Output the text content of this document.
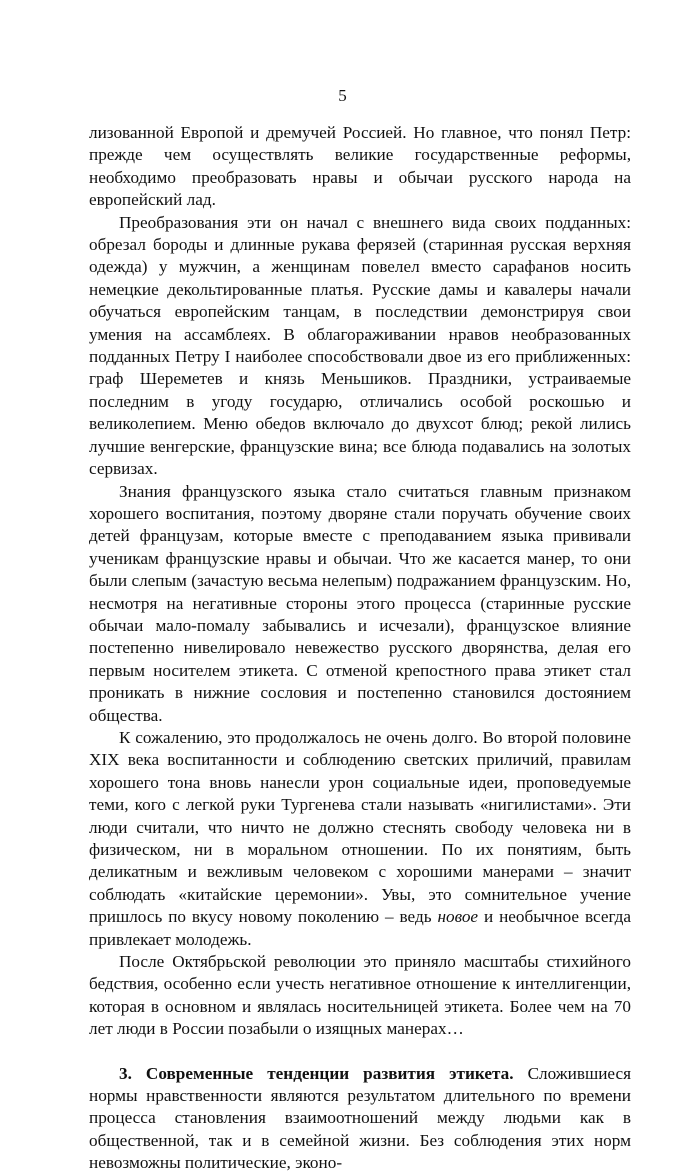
5

лизованной Европой и дремучей Россией. Но главное, что понял Петр: прежде чем осуществлять великие государственные реформы, необходимо преобразовать нравы и обычаи русского народа на европейский лад.

Преобразования эти он начал с внешнего вида своих подданных: обрезал бороды и длинные рукава ферязей (старинная русская верхняя одежда) у мужчин, а женщинам повелел вместо сарафанов носить немецкие декольтированные платья. Русские дамы и кавалеры начали обучаться европейским танцам, в последствии демонстрируя свои умения на ассамблеях. В облагораживании нравов необразованных подданных Петру I наиболее способствовали двое из его приближенных: граф Шереметев и князь Меньшиков. Праздники, устраиваемые последним в угоду государю, отличались особой роскошью и великолепием. Меню обедов включало до двухсот блюд; рекой лились лучшие венгерские, французские вина; все блюда подавались на золотых сервизах.

Знания французского языка стало считаться главным признаком хорошего воспитания, поэтому дворяне стали поручать обучение своих детей французам, которые вместе с преподаванием языка прививали ученикам французские нравы и обычаи. Что же касается манер, то они были слепым (зачастую весьма нелепым) подражанием французским. Но, несмотря на негативные стороны этого процесса (старинные русские обычаи мало-помалу забывались и исчезали), французское влияние постепенно нивелировало невежество русского дворянства, делая его первым носителем этикета. С отменой крепостного права этикет стал проникать в нижние сословия и постепенно становился достоянием общества.

К сожалению, это продолжалось не очень долго. Во второй половине XIX века воспитанности и соблюдению светских приличий, правилам хорошего тона вновь нанесли урон социальные идеи, проповедуемые теми, кого с легкой руки Тургенева стали называть «нигилистами». Эти люди считали, что ничто не должно стеснять свободу человека ни в физическом, ни в моральном отношении. По их понятиям, быть деликатным и вежливым человеком с хорошими манерами – значит соблюдать «китайские церемонии». Увы, это сомнительное учение пришлось по вкусу новому поколению – ведь новое и необычное всегда привлекает молодежь.

После Октябрьской революции это приняло масштабы стихийного бедствия, особенно если учесть негативное отношение к интеллигенции, которая в основном и являлась носительницей этикета. Более чем на 70 лет люди в России позабыли о изящных манерах…

3. Современные тенденции развития этикета. Сложившиеся нормы нравственности являются результатом длительного по времени процесса становления взаимоотношений между людьми как в общественной, так и в семейной жизни. Без соблюдения этих норм невозможны политические, эконо-
